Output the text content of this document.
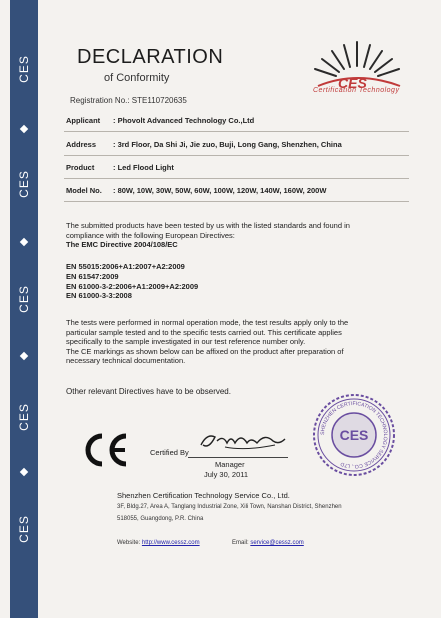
CES
CES
CES
CES
CES
DECLARATION
of Conformity
Registration No.: STE110720635
CES
Certification Technology
Applicant	: Phovolt Advanced Technology Co.,Ltd
Address	: 3rd Floor, Da Shi Ji, Jie zuo, Buji, Long Gang, Shenzhen, China
Product	: Led Flood Light
Model No.	: 80W, 10W, 30W, 50W, 60W, 100W, 120W, 140W, 160W, 200W
The submitted products have been tested by us with the listed standards and found in
compliance with the following European Directives:
The EMC Directive 2004/108/EC
EN 55015:2006+A1:2007+A2:2009
EN 61547:2009
EN 61000-3-2:2006+A1:2009+A2:2009
EN 61000-3-3:2008
The tests were performed in normal operation mode, the test results apply only to the
particular sample tested and to the specific tests carried out. This certificate applies
specifically to the sample investigated in our test reference number only.
The CE markings as shown below can be affixed on the product after preparation of
necessary technical documentation.
Other relevant Directives have to be observed.
Certified By
Manager
July 30, 2011
SHENZHEN CERTIFICATION TECHNOLOGY SERVICE CO., LTD
CES
Shenzhen Certification Technology Service Co., Ltd.
3F, Bldg.27, Area A, Tanglang Industrial Zone, Xili Town, Nanshan District, Shenzhen
518055, Guangdong, P.R. China
Website: http://www.cessz.com	Email: service@cessz.com
